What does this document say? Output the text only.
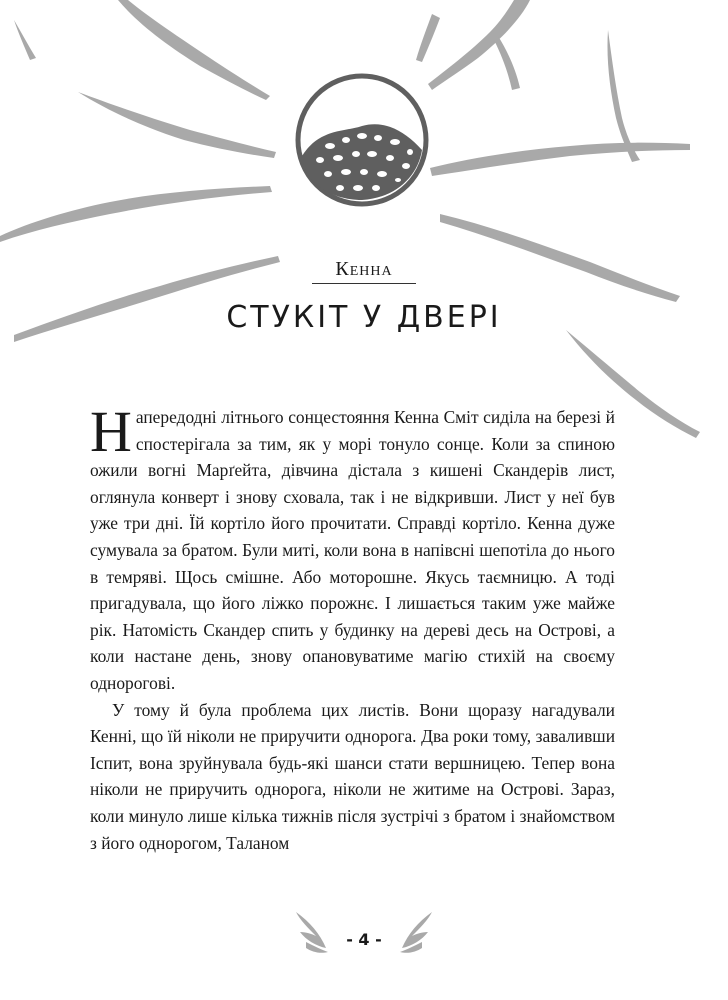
Кенна
СТУКІТ У ДВЕРІ

Напередодні літнього сонцестояння Кенна Сміт сиділа на березі й спостерігала за тим, як у морі тонуло сонце. Коли за спиною ожили вогні Марґейта, дівчина дістала з кишені Скандерів лист, оглянула конверт і знову сховала, так і не відкривши. Лист у неї був уже три дні. Їй кортіло його прочитати. Справді кортіло. Кенна дуже сумувала за братом. Були миті, коли вона в напівсні шепотіла до нього в темряві. Щось смішне. Або моторошне. Якусь таємницю. А тоді пригадувала, що його ліжко порожнє. І лишається таким уже майже рік. Натомість Скандер спить у будинку на дереві десь на Острові, а коли настане день, знову опановуватиме магію стихій на своєму однорогові.

У тому й була проблема цих листів. Вони щоразу нагадували Кенні, що їй ніколи не приручити однорога. Два роки тому, заваливши Іспит, вона зруйнувала будь-які шанси стати вершницею. Тепер вона ніколи не приручить однорога, ніколи не житиме на Острові. Зараз, коли минуло лише кілька тижнів після зустрічі з братом і знайомством з його однорогом, Таланом

- 4 -
